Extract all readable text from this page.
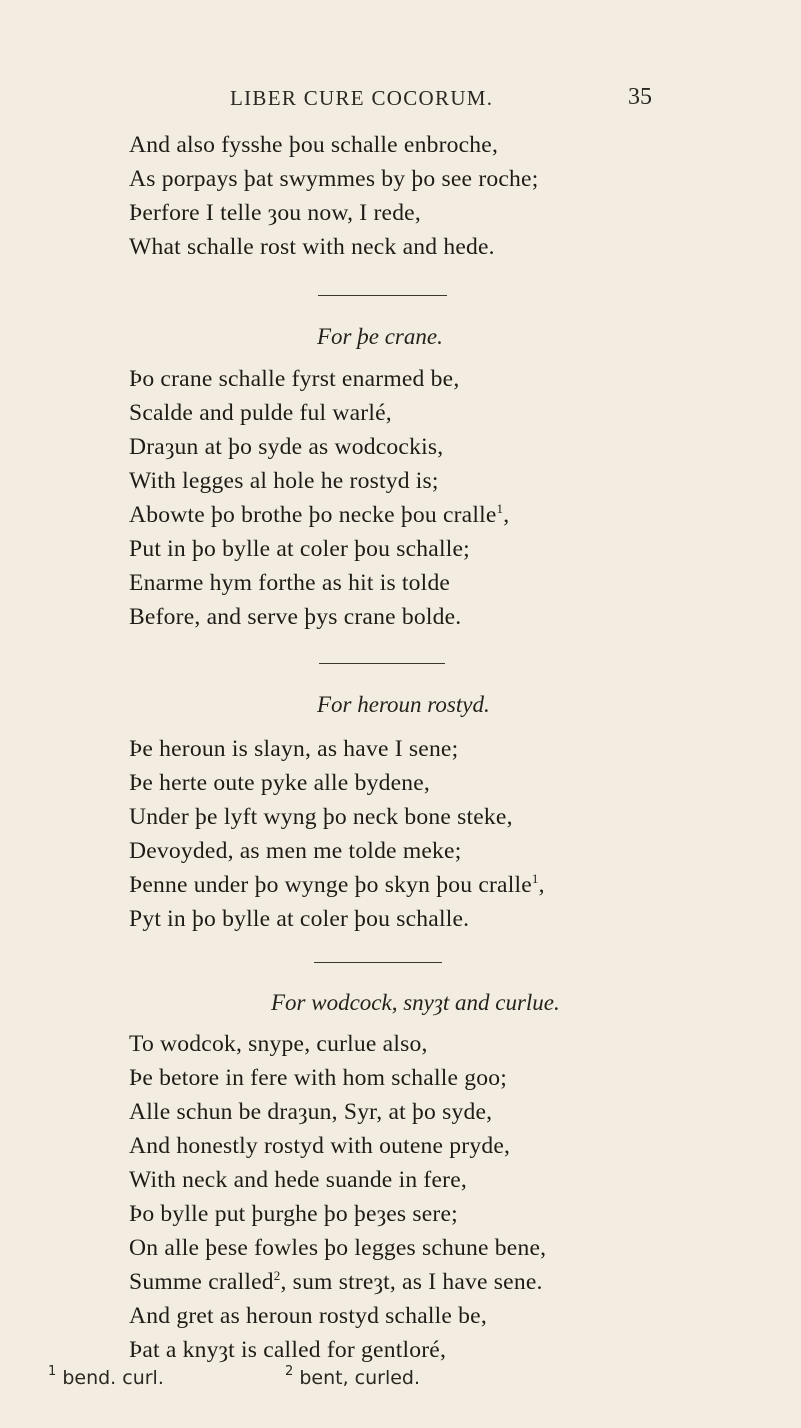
LIBER CURE COCORUM.	35
And also fysshe þou schalle enbroche,
As porpays þat swymmes by þo see roche;
Þerfore I telle ȝou now, I rede,
What schalle rost with neck and hede.
For þe crane.
Þo crane schalle fyrst enarmed be,
Scalde and pulde ful warlé,
Draȝun at þo syde as wodcockis,
With legges al hole he rostyd is;
Abowte þo brothe þo necke þou cralle$^1$,
Put in þo bylle at coler þou schalle;
Enarme hym forthe as hit is tolde
Before, and serve þys crane bolde.
For heroun rostyd.
Þe heroun is slayn, as have I sene;
Þe herte oute pyke alle bydene,
Under þe lyft wyng þo neck bone steke,
Devoyded, as men me tolde meke;
Þenne under þo wynge þo skyn þou cralle$^1$,
Pyt in þo bylle at coler þou schalle.
For wodcock, snyȝt and curlue.
To wodcok, snype, curlue also,
Þe betore in fere with hom schalle goo;
Alle schun be draȝun, Syr, at þo syde,
And honestly rostyd with outene pryde,
With neck and hede suande in fere,
Þo bylle put þurghe þo þeȝes sere;
On alle þese fowles þo legges schune bene,
Summe cralled$^2$, sum streȝt, as I have sene.
And gret as heroun rostyd schalle be,
Þat a knyȝt is called for gentloré,
$^1$ bend. curl.	$^2$ bent, curled.
